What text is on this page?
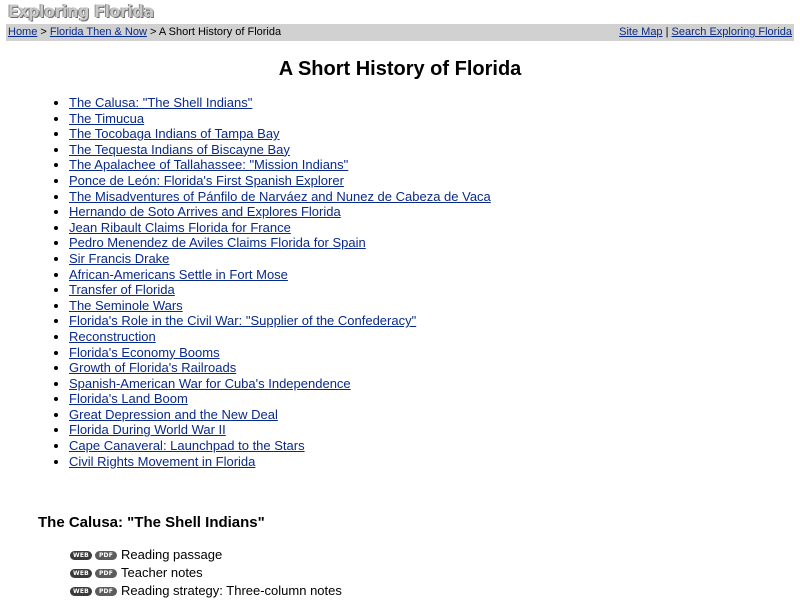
Exploring Florida
Home > Florida Then & Now > A Short History of Florida	Site Map | Search Exploring Florida
A Short History of Florida
• The Calusa: "The Shell Indians"
• The Timucua
• The Tocobaga Indians of Tampa Bay
• The Tequesta Indians of Biscayne Bay
• The Apalachee of Tallahassee: "Mission Indians"
• Ponce de León: Florida's First Spanish Explorer
• The Misadventures of Pánfilo de Narváez and Nunez de Cabeza de Vaca
• Hernando de Soto Arrives and Explores Florida
• Jean Ribault Claims Florida for France
• Pedro Menendez de Aviles Claims Florida for Spain
• Sir Francis Drake
• African-Americans Settle in Fort Mose
• Transfer of Florida
• The Seminole Wars
• Florida's Role in the Civil War: "Supplier of the Confederacy"
• Reconstruction
• Florida's Economy Booms
• Growth of Florida's Railroads
• Spanish-American War for Cuba's Independence
• Florida's Land Boom
• Great Depression and the New Deal
• Florida During World War II
• Cape Canaveral: Launchpad to the Stars
• Civil Rights Movement in Florida
The Calusa: "The Shell Indians"
WEB	PDF Reading passage
WEB	PDF Teacher notes
WEB	PDF Reading strategy: Three-column notes
